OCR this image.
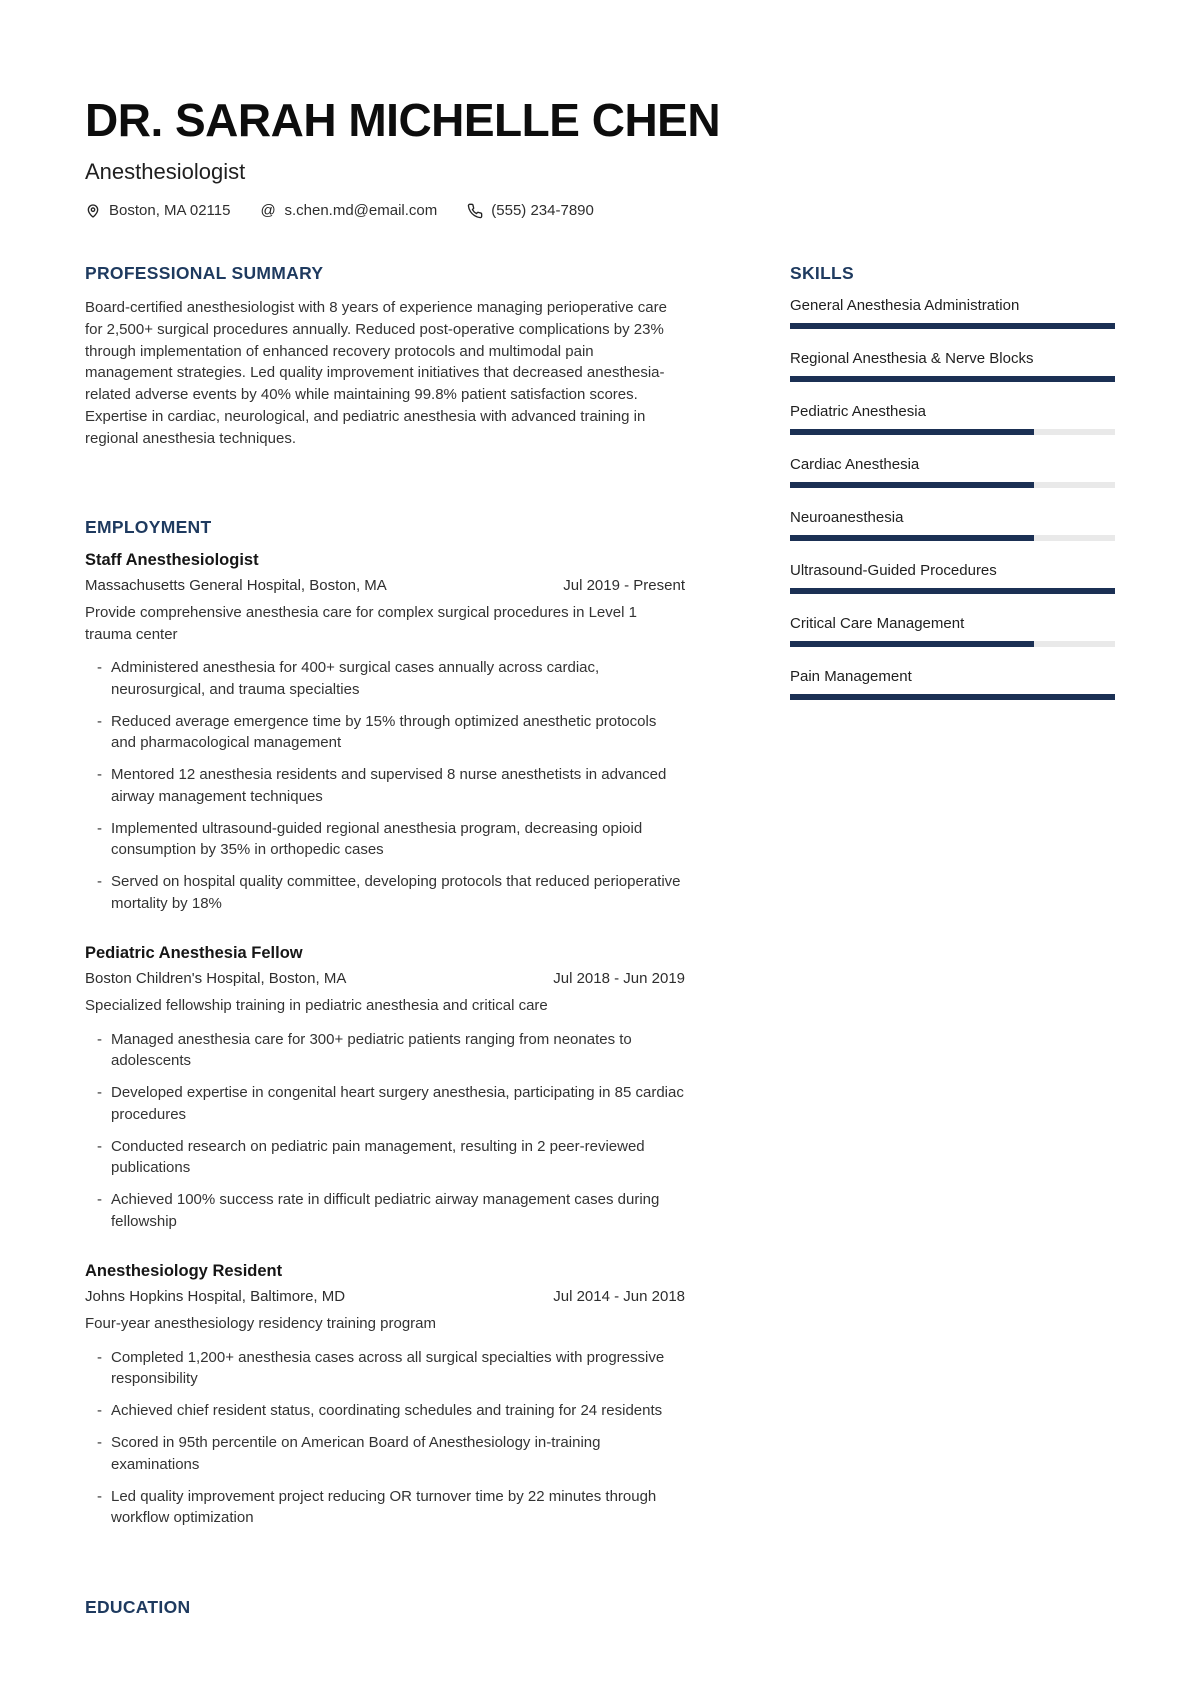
DR. SARAH MICHELLE CHEN
Anesthesiologist
Boston, MA 02115 @ s.chen.md@email.com	(555) 234-7890
PROFESSIONAL SUMMARY
Board-certified anesthesiologist with 8 years of experience managing perioperative care for 2,500+ surgical procedures annually. Reduced post-operative complications by 23% through implementation of enhanced recovery protocols and multimodal pain management strategies. Led quality improvement initiatives that decreased anesthesia-related adverse events by 40% while maintaining 99.8% patient satisfaction scores. Expertise in cardiac, neurological, and pediatric anesthesia with advanced training in regional anesthesia techniques.
EMPLOYMENT
Staff Anesthesiologist
Massachusetts General Hospital, Boston, MA	Jul 2019 - Present
Provide comprehensive anesthesia care for complex surgical procedures in Level 1 trauma center
- Administered anesthesia for 400+ surgical cases annually across cardiac, neurosurgical, and trauma specialties
- Reduced average emergence time by 15% through optimized anesthetic protocols and pharmacological management
- Mentored 12 anesthesia residents and supervised 8 nurse anesthetists in advanced airway management techniques
- Implemented ultrasound-guided regional anesthesia program, decreasing opioid consumption by 35% in orthopedic cases
- Served on hospital quality committee, developing protocols that reduced perioperative mortality by 18%
Pediatric Anesthesia Fellow
Boston Children's Hospital, Boston, MA	Jul 2018 - Jun 2019
Specialized fellowship training in pediatric anesthesia and critical care
- Managed anesthesia care for 300+ pediatric patients ranging from neonates to adolescents
- Developed expertise in congenital heart surgery anesthesia, participating in 85 cardiac procedures
- Conducted research on pediatric pain management, resulting in 2 peer-reviewed publications
- Achieved 100% success rate in difficult pediatric airway management cases during fellowship
Anesthesiology Resident
Johns Hopkins Hospital, Baltimore, MD	Jul 2014 - Jun 2018
Four-year anesthesiology residency training program
- Completed 1,200+ anesthesia cases across all surgical specialties with progressive responsibility
- Achieved chief resident status, coordinating schedules and training for 24 residents
- Scored in 95th percentile on American Board of Anesthesiology in-training examinations
- Led quality improvement project reducing OR turnover time by 22 minutes through workflow optimization
EDUCATION
SKILLS
General Anesthesia Administration
Regional Anesthesia & Nerve Blocks
Pediatric Anesthesia
Cardiac Anesthesia
Neuroanesthesia
Ultrasound-Guided Procedures
Critical Care Management
Pain Management
